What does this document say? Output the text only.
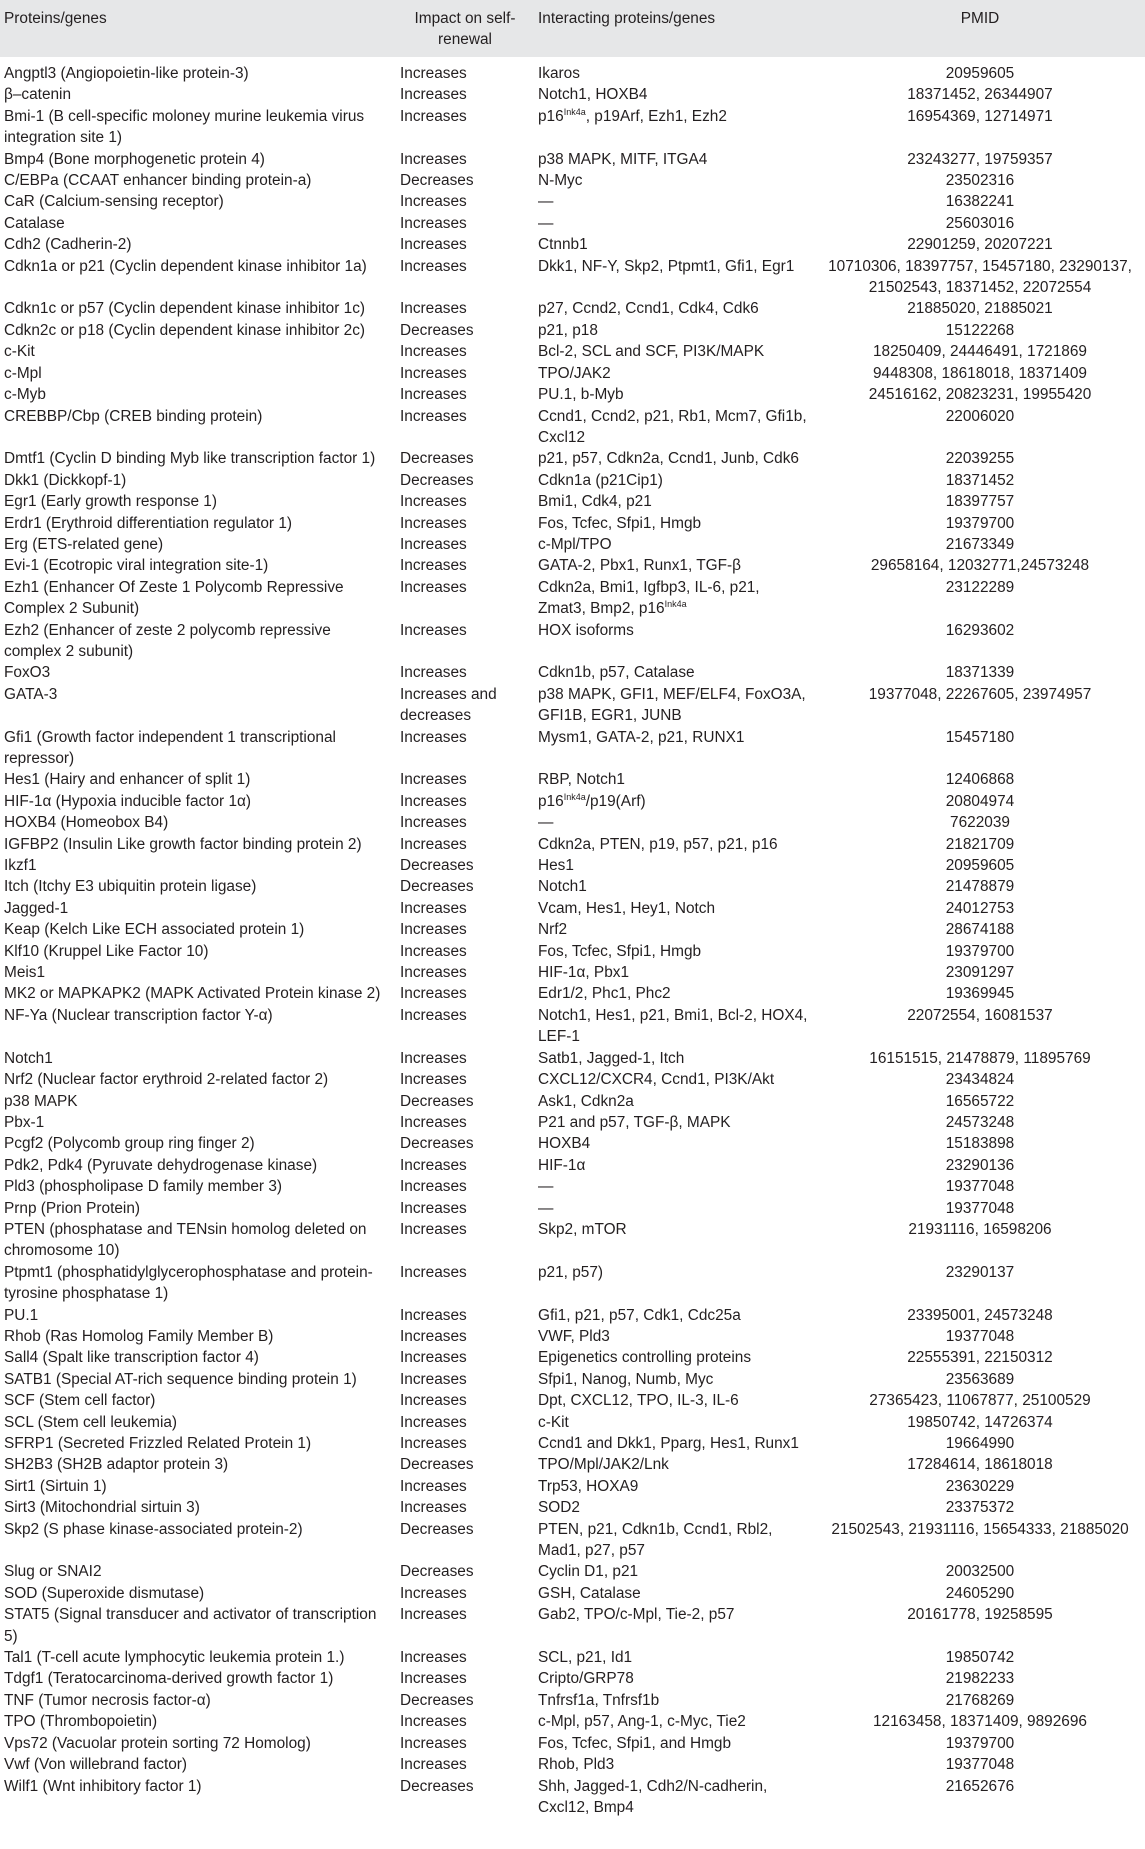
Proteins/genes	Impact on self-renewal	Interacting proteins/genes	PMID
Angptl3 (Angiopoietin-like protein-3)	Increases	Ikaros	20959605
β–catenin	Increases	Notch1, HOXB4	18371452, 26344907
Bmi-1 (B cell-specific moloney murine leukemia virus integration site 1)	Increases	$p16^{Ink4a}$, p19Arf, Ezh1, Ezh2	16954369, 12714971
Bmp4 (Bone morphogenetic protein 4)	Increases	p38 MAPK, MITF, ITGA4	23243277, 19759357
C/EBPa (CCAAT enhancer binding protein-a)	Decreases	N-Myc	23502316
CaR (Calcium-sensing receptor)	Increases	—	16382241
Catalase	Increases	—	25603016
Cdh2 (Cadherin-2)	Increases	Ctnnb1	22901259, 20207221
Cdkn1a or p21 (Cyclin dependent kinase inhibitor 1a)	Increases	Dkk1, NF-Y, Skp2, Ptpmt1, Gfi1, Egr1	10710306, 18397757, 15457180, 23290137, 21502543, 18371452, 22072554
Cdkn1c or p57 (Cyclin dependent kinase inhibitor 1c)	Increases	p27, Ccnd2, Ccnd1, Cdk4, Cdk6	21885020, 21885021
Cdkn2c or p18 (Cyclin dependent kinase inhibitor 2c)	Decreases	p21, p18	15122268
c-Kit	Increases	Bcl-2, SCL and SCF, PI3K/MAPK	18250409, 24446491, 1721869
c-Mpl	Increases	TPO/JAK2	9448308, 18618018, 18371409
c-Myb	Increases	PU.1, b-Myb	24516162, 20823231, 19955420
CREBBP/Cbp (CREB binding protein)	Increases	Ccnd1, Ccnd2, p21, Rb1, Mcm7, Gfi1b, Cxcl12	22006020
Dmtf1 (Cyclin D binding Myb like transcription factor 1)	Decreases	p21, p57, Cdkn2a, Ccnd1, Junb, Cdk6	22039255
Dkk1 (Dickkopf-1)	Decreases	Cdkn1a (p21Cip1)	18371452
Egr1 (Early growth response 1)	Increases	Bmi1, Cdk4, p21	18397757
Erdr1 (Erythroid differentiation regulator 1)	Increases	Fos, Tcfec, Sfpi1, Hmgb	19379700
Erg (ETS-related gene)	Increases	c-Mpl/TPO	21673349
Evi-1 (Ecotropic viral integration site-1)	Increases	GATA-2, Pbx1, Runx1, TGF-β	29658164, 12032771,24573248
Ezh1 (Enhancer Of Zeste 1 Polycomb Repressive Complex 2 Subunit)	Increases	Cdkn2a, Bmi1, Igfbp3, IL-6, p21, Zmat3, Bmp2, $p16^{Ink4a}$	23122289
Ezh2 (Enhancer of zeste 2 polycomb repressive complex 2 subunit)	Increases	HOX isoforms	16293602
FoxO3	Increases	Cdkn1b, p57, Catalase	18371339
GATA-3	Increases and decreases	p38 MAPK, GFI1, MEF/ELF4, FoxO3A, GFI1B, EGR1, JUNB	19377048, 22267605, 23974957
Gfi1 (Growth factor independent 1 transcriptional repressor)	Increases	Mysm1, GATA-2, p21, RUNX1	15457180
Hes1 (Hairy and enhancer of split 1)	Increases	RBP, Notch1	12406868
HIF-1α (Hypoxia inducible factor 1α)	Increases	$p16^{Ink4a}/p19(Arf)$	20804974
HOXB4 (Homeobox B4)	Increases	—	7622039
IGFBP2 (Insulin Like growth factor binding protein 2)	Increases	Cdkn2a, PTEN, p19, p57, p21, p16	21821709
Ikzf1	Decreases	Hes1	20959605
Itch (Itchy E3 ubiquitin protein ligase)	Decreases	Notch1	21478879
Jagged-1	Increases	Vcam, Hes1, Hey1, Notch	24012753
Keap (Kelch Like ECH associated protein 1)	Increases	Nrf2	28674188
Klf10 (Kruppel Like Factor 10)	Increases	Fos, Tcfec, Sfpi1, Hmgb	19379700
Meis1	Increases	HIF-1α, Pbx1	23091297
MK2 or MAPKAPK2 (MAPK Activated Protein kinase 2)	Increases	Edr1/2, Phc1, Phc2	19369945
NF-Ya (Nuclear transcription factor Y-α)	Increases	Notch1, Hes1, p21, Bmi1, Bcl-2, HOX4, LEF-1	22072554, 16081537
Notch1	Increases	Satb1, Jagged-1, Itch	16151515, 21478879, 11895769
Nrf2 (Nuclear factor erythroid 2-related factor 2)	Increases	CXCL12/CXCR4, Ccnd1, PI3K/Akt	23434824
p38 MAPK	Decreases	Ask1, Cdkn2a	16565722
Pbx-1	Increases	P21 and p57, TGF-β, MAPK	24573248
Pcgf2 (Polycomb group ring finger 2)	Decreases	HOXB4	15183898
Pdk2, Pdk4 (Pyruvate dehydrogenase kinase)	Increases	HIF-1α	23290136
Pld3 (phospholipase D family member 3)	Increases	—	19377048
Prnp (Prion Protein)	Increases	—	19377048
PTEN (phosphatase and TENsin homolog deleted on chromosome 10)	Increases	Skp2, mTOR	21931116, 16598206
Ptpmt1 (phosphatidylglycerophosphatase and protein-tyrosine phosphatase 1)	Increases	p21, p57)	23290137
PU.1	Increases	Gfi1, p21, p57, Cdk1, Cdc25a	23395001, 24573248
Rhob (Ras Homolog Family Member B)	Increases	VWF, Pld3	19377048
Sall4 (Spalt like transcription factor 4)	Increases	Epigenetics controlling proteins	22555391, 22150312
SATB1 (Special AT-rich sequence binding protein 1)	Increases	Sfpi1, Nanog, Numb, Myc	23563689
SCF (Stem cell factor)	Increases	Dpt, CXCL12, TPO, IL-3, IL-6	27365423, 11067877, 25100529
SCL (Stem cell leukemia)	Increases	c-Kit	19850742, 14726374
SFRP1 (Secreted Frizzled Related Protein 1)	Increases	Ccnd1 and Dkk1, Pparg, Hes1, Runx1	19664990
SH2B3 (SH2B adaptor protein 3)	Decreases	TPO/Mpl/JAK2/Lnk	17284614, 18618018
Sirt1 (Sirtuin 1)	Increases	Trp53, HOXA9	23630229
Sirt3 (Mitochondrial sirtuin 3)	Increases	SOD2	23375372
Skp2 (S phase kinase-associated protein-2)	Decreases	PTEN, p21, Cdkn1b, Ccnd1, Rbl2, Mad1, p27, p57	21502543, 21931116, 15654333, 21885020
Slug or SNAI2	Decreases	Cyclin D1, p21	20032500
SOD (Superoxide dismutase)	Increases	GSH, Catalase	24605290
STAT5 (Signal transducer and activator of transcription 5)	Increases	Gab2, TPO/c-Mpl, Tie-2, p57	20161778, 19258595
Tal1 (T-cell acute lymphocytic leukemia protein 1.)	Increases	SCL, p21, Id1	19850742
Tdgf1 (Teratocarcinoma-derived growth factor 1)	Increases	Cripto/GRP78	21982233
TNF (Tumor necrosis factor-α)	Decreases	Tnfrsf1a, Tnfrsf1b	21768269
TPO (Thrombopoietin)	Increases	c-Mpl, p57, Ang-1, c-Myc, Tie2	12163458, 18371409, 9892696
Vps72 (Vacuolar protein sorting 72 Homolog)	Increases	Fos, Tcfec, Sfpi1, and Hmgb	19379700
Vwf (Von willebrand factor)	Increases	Rhob, Pld3	19377048
Wilf1 (Wnt inhibitory factor 1)	Decreases	Shh, Jagged-1, Cdh2/N-cadherin, Cxcl12, Bmp4	21652676
